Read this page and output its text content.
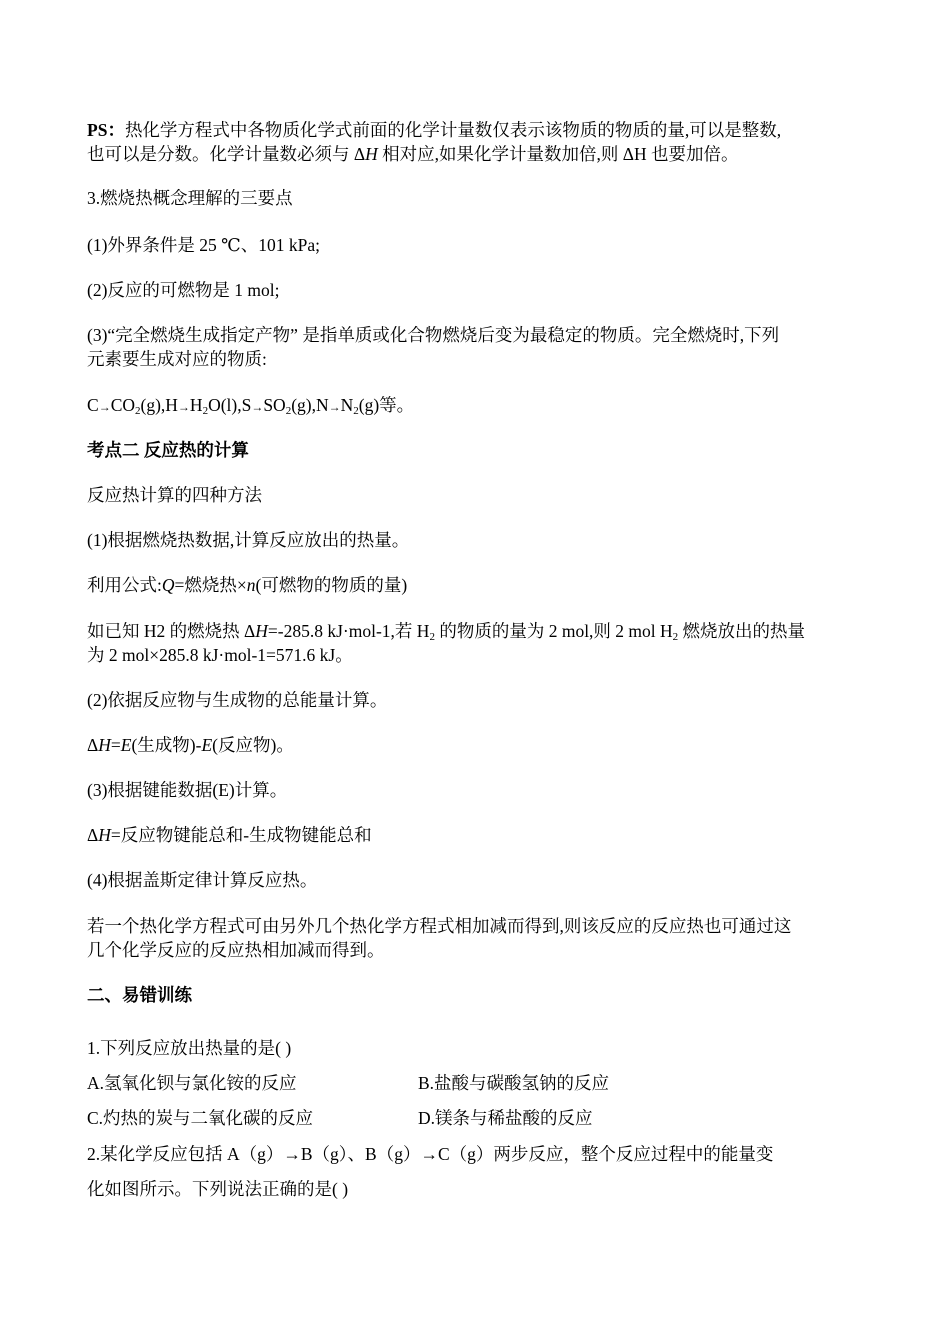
PS：热化学方程式中各物质化学式前面的化学计量数仅表示该物质的物质的量,可以是整数,

也可以是分数。化学计量数必须与 ΔH 相对应,如果化学计量数加倍,则 ΔH 也要加倍。

3.燃烧热概念理解的三要点

(1)外界条件是 25 ℃、101 kPa;

(2)反应的可燃物是 1 mol;

(3)“完全燃烧生成指定产物” 是指单质或化合物燃烧后变为最稳定的物质。完全燃烧时,下列

元素要生成对应的物质:

$C\to CO_2(g),H\to H_2O(l),S\to SO_2(g),N\to N_2(g)$等。

考点二 反应热的计算

反应热计算的四种方法

(1)根据燃烧热数据,计算反应放出的热量。

利用公式:Q=燃烧热×n(可燃物的物质的量)

如已知 H2 的燃烧热 ΔH=-285.8 kJ·mol-1,若 $H_2$ 的物质的量为 2 mol,则 2 mol $H_2$ 燃烧放出的热量

为 2 mol×285.8 kJ·mol-1=571.6 kJ。

(2)依据反应物与生成物的总能量计算。

ΔH=E(生成物)-E(反应物)。

(3)根据键能数据(E)计算。

ΔH=反应物键能总和-生成物键能总和

(4)根据盖斯定律计算反应热。

若一个热化学方程式可由另外几个热化学方程式相加减而得到,则该反应的反应热也可通过这

几个化学反应的反应热相加减而得到。

二、易错训练

1.下列反应放出热量的是( )

A.氢氧化钡与氯化铵的反应	B.盐酸与碳酸氢钠的反应
C.灼热的炭与二氧化碳的反应	D.镁条与稀盐酸的反应

2.某化学反应包括 A（g）→B（g）、B（g）→C（g）两步反应，整个反应过程中的能量变

化如图所示。下列说法正确的是( )
